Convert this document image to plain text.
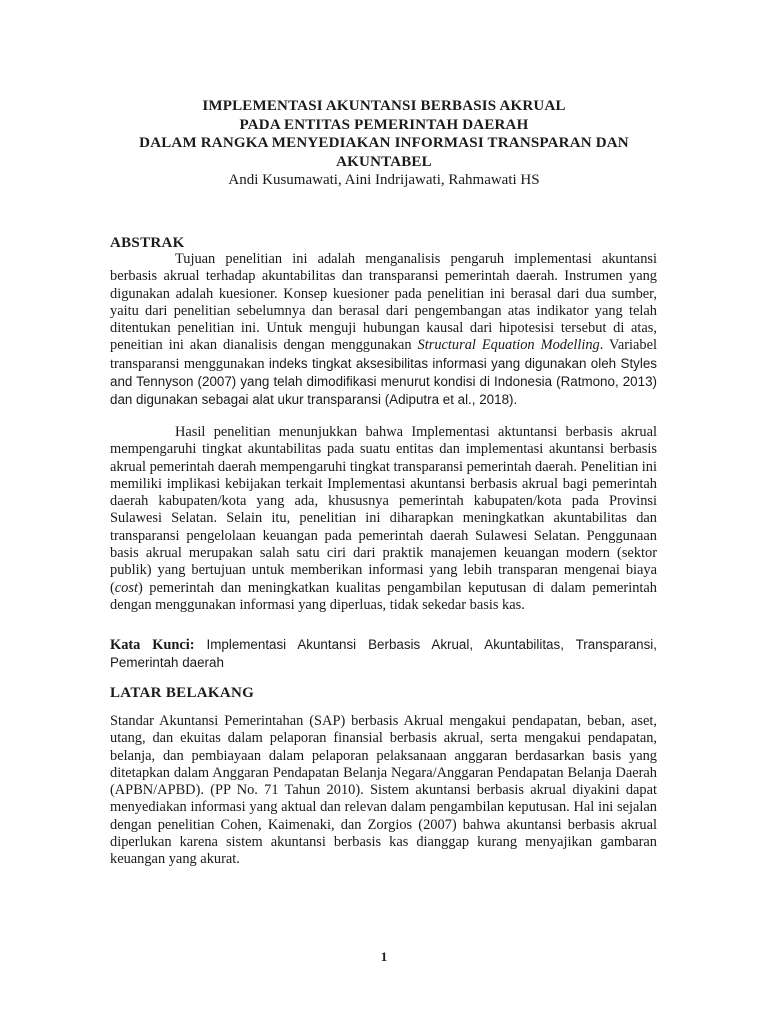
IMPLEMENTASI AKUNTANSI BERBASIS AKRUAL
PADA ENTITAS PEMERINTAH DAERAH
DALAM RANGKA MENYEDIAKAN INFORMASI TRANSPARAN DAN
AKUNTABEL
Andi Kusumawati, Aini Indrijawati, Rahmawati HS
ABSTRAK

Tujuan penelitian ini adalah menganalisis pengaruh implementasi akuntansi berbasis akrual terhadap akuntabilitas dan transparansi pemerintah daerah. Instrumen yang digunakan adalah kuesioner. Konsep kuesioner pada penelitian ini berasal dari dua sumber, yaitu dari penelitian sebelumnya dan berasal dari pengembangan atas indikator yang telah ditentukan penelitian ini. Untuk menguji hubungan kausal dari hipotesisi tersebut di atas, peneitian ini akan dianalisis dengan menggunakan Structural Equation Modelling. Variabel transparansi menggunakan indeks tingkat aksesibilitas informasi yang digunakan oleh Styles and Tennyson (2007) yang telah dimodifikasi menurut kondisi di Indonesia (Ratmono, 2013) dan digunakan sebagai alat ukur transparansi (Adiputra et al., 2018).

Hasil penelitian menunjukkan bahwa Implementasi aktuntansi berbasis akrual mempengaruhi tingkat akuntabilitas pada suatu entitas dan implementasi akuntansi berbasis akrual pemerintah daerah mempengaruhi tingkat transparansi pemerintah daerah. Penelitian ini memiliki implikasi kebijakan terkait Implementasi akuntansi berbasis akrual bagi pemerintah daerah kabupaten/kota yang ada, khususnya pemerintah kabupaten/kota pada Provinsi Sulawesi Selatan. Selain itu, penelitian ini diharapkan meningkatkan akuntabilitas dan transparansi pengelolaan keuangan pada pemerintah daerah Sulawesi Selatan. Penggunaan basis akrual merupakan salah satu ciri dari praktik manajemen keuangan modern (sektor publik) yang bertujuan untuk memberikan informasi yang lebih transparan mengenai biaya (cost) pemerintah dan meningkatkan kualitas pengambilan keputusan di dalam pemerintah dengan menggunakan informasi yang diperluas, tidak sekedar basis kas.

Kata Kunci: Implementasi Akuntansi Berbasis Akrual, Akuntabilitas, Transparansi, Pemerintah daerah

LATAR BELAKANG

Standar Akuntansi Pemerintahan (SAP) berbasis Akrual mengakui pendapatan, beban, aset, utang, dan ekuitas dalam pelaporan finansial berbasis akrual, serta mengakui pendapatan, belanja, dan pembiayaan dalam pelaporan pelaksanaan anggaran berdasarkan basis yang ditetapkan dalam Anggaran Pendapatan Belanja Negara/Anggaran Pendapatan Belanja Daerah (APBN/APBD). (PP No. 71 Tahun 2010). Sistem akuntansi berbasis akrual diyakini dapat menyediakan informasi yang aktual dan relevan dalam pengambilan keputusan. Hal ini sejalan dengan penelitian Cohen, Kaimenaki, dan Zorgios (2007) bahwa akuntansi berbasis akrual diperlukan karena sistem akuntansi berbasis kas dianggap kurang menyajikan gambaran keuangan yang akurat.

1
